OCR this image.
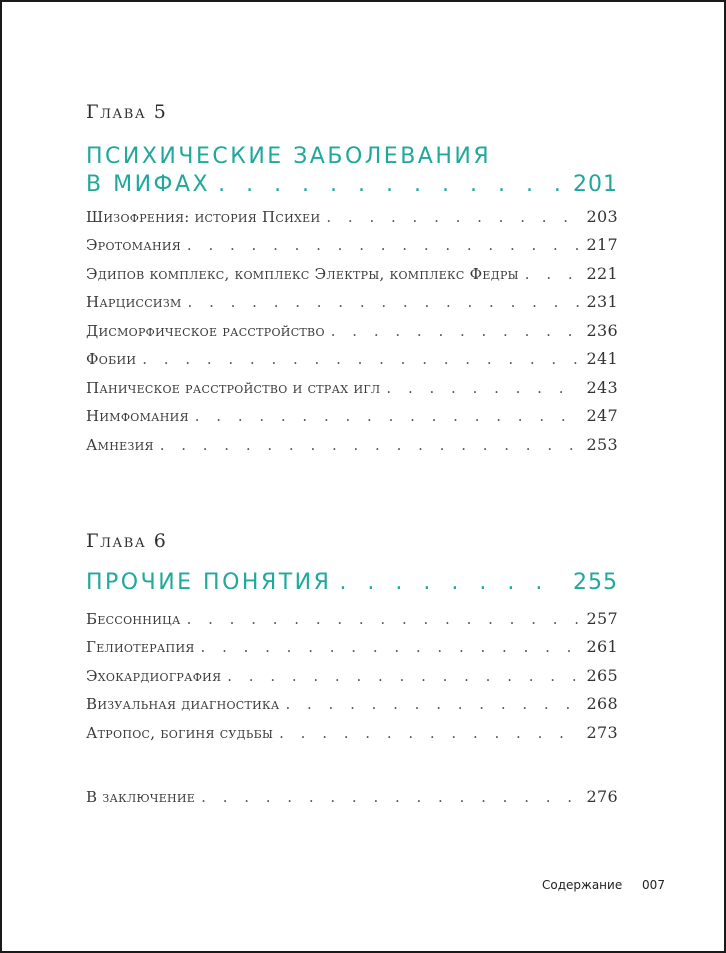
Глава 5
ПСИХИЧЕСКИЕ ЗАБОЛЕВАНИЯ
В МИФАХ . . .	201
Шизофрения: история Психеи . . .	203
Эротомания . . .	217
Эдипов комплекс, комплекс Электры, комплекс Федры . . .	221
Нарциссизм . . .	231
Дисморфическое расстройство . . .	236
Фобии . . .	241
Паническое расстройство и страх игл . . .	243
Нимфомания . . .	247
Амнезия . . .	253
Глава 6
ПРОЧИЕ ПОНЯТИЯ . . .	255
Бессонница . . .	257
Гелиотерапия . . .	261
Эхокардиография . . .	265
Визуальная диагностика . . .	268
Атропос, богиня судьбы . . .	273
В заключение . . .	276
Содержание 007
